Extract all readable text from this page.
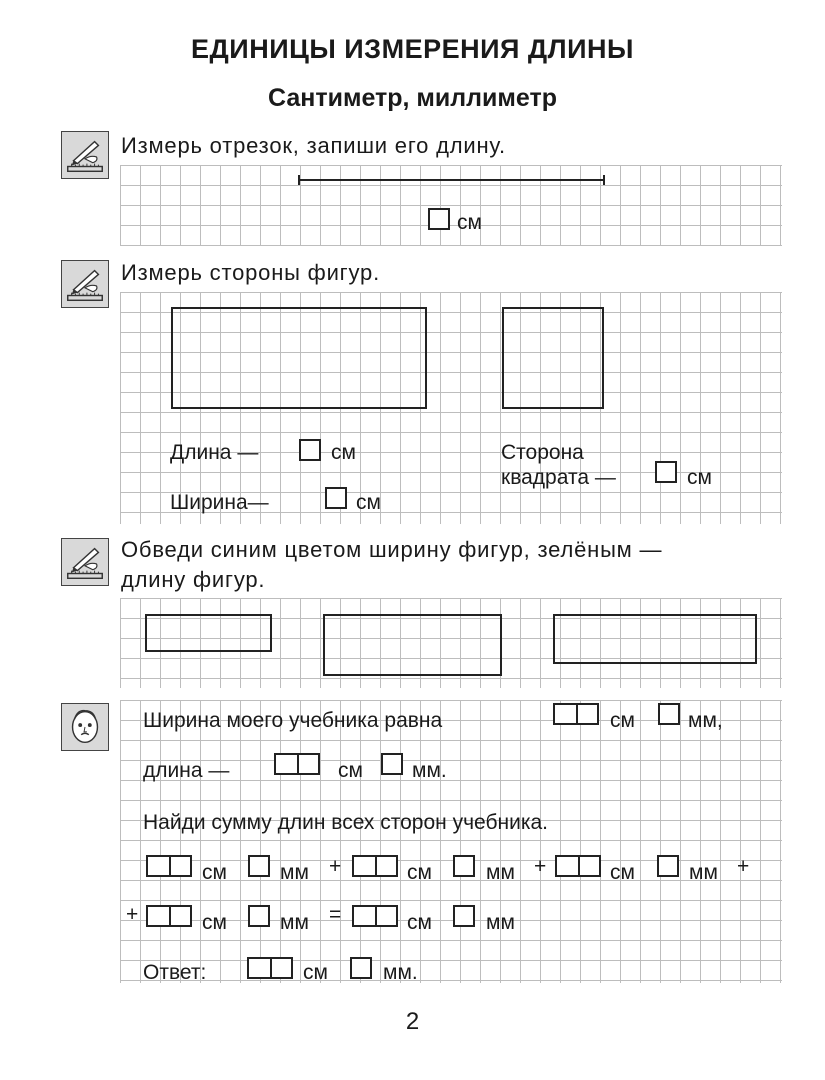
ЕДИНИЦЫ ИЗМЕРЕНИЯ ДЛИНЫ
Сантиметр, миллиметр
Измерь отрезок, запиши его длину.
см
Измерь стороны фигур.
Длина —	см
Ширина—	см
Сторона
квадрата —	см
Обведи синим цветом ширину фигур, зелёным —
длину фигур.
Ширина моего учебника равна	см	мм,
длина —	см мм.
Найди сумму длин всех сторон учебника.
см	мм +	см	мм +	см	мм +
+	см	мм =	см	мм
Ответ:	см	мм.
2
